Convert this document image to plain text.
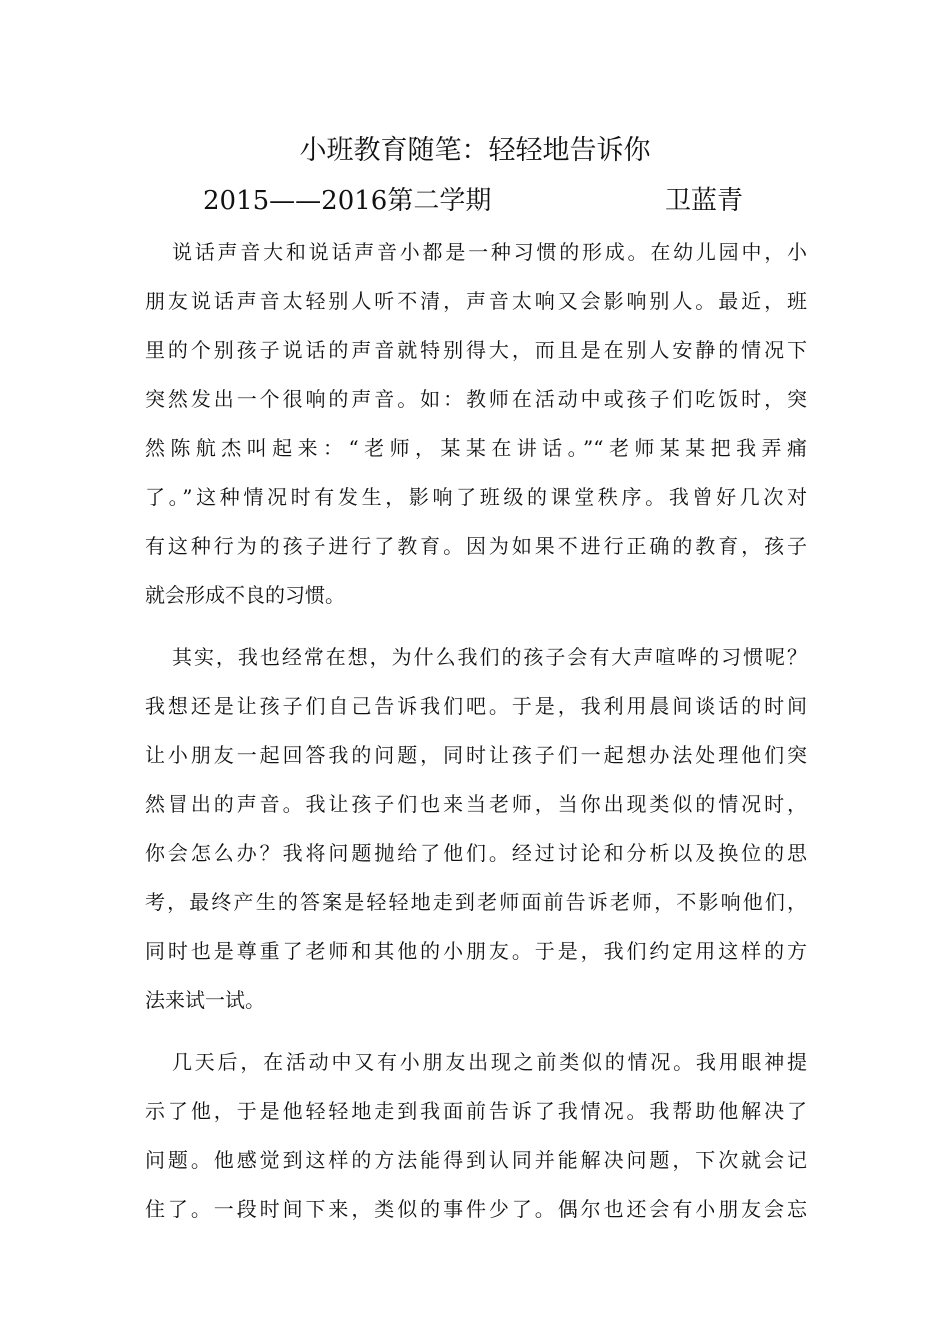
小班教育随笔：轻轻地告诉你
2015——2016第二学期	卫蓝青
说话声音大和说话声音小都是一种习惯的形成。在幼儿园中，小
朋友说话声音太轻别人听不清，声音太响又会影响别人。最近，班
里的个别孩子说话的声音就特别得大，而且是在别人安静的情况下
突然发出一个很响的声音。如：教师在活动中或孩子们吃饭时，突
然陈航杰叫起来：“老师，某某在讲话。”“老师某某把我弄痛
了。”这种情况时有发生，影响了班级的课堂秩序。我曾好几次对
有这种行为的孩子进行了教育。因为如果不进行正确的教育，孩子
就会形成不良的习惯。
其实，我也经常在想，为什么我们的孩子会有大声喧哗的习惯呢？
我想还是让孩子们自己告诉我们吧。于是，我利用晨间谈话的时间
让小朋友一起回答我的问题，同时让孩子们一起想办法处理他们突
然冒出的声音。我让孩子们也来当老师，当你出现类似的情况时，
你会怎么办？我将问题抛给了他们。经过讨论和分析以及换位的思
考，最终产生的答案是轻轻地走到老师面前告诉老师，不影响他们，
同时也是尊重了老师和其他的小朋友。于是，我们约定用这样的方
法来试一试。
几天后，在活动中又有小朋友出现之前类似的情况。我用眼神提
示了他，于是他轻轻地走到我面前告诉了我情况。我帮助他解决了
问题。他感觉到这样的方法能得到认同并能解决问题，下次就会记
住了。一段时间下来，类似的事件少了。偶尔也还会有小朋友会忘
